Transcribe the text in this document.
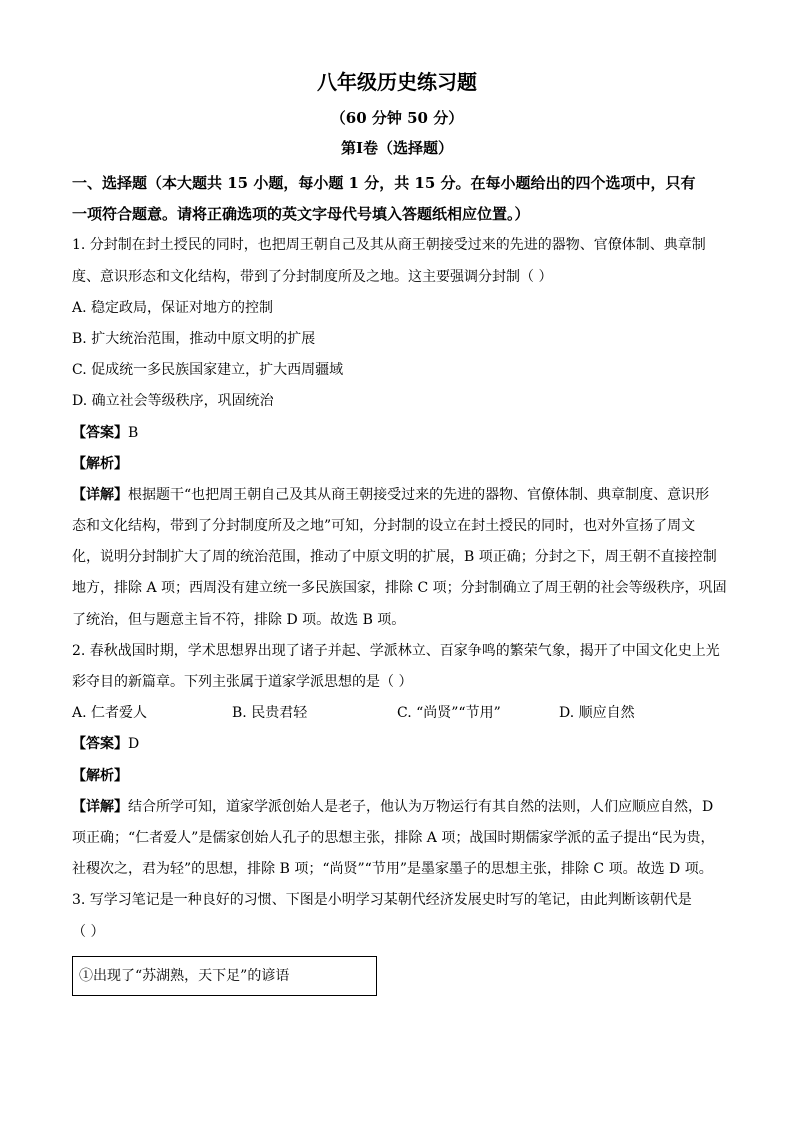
八年级历史练习题
（60 分钟 50 分）
第Ⅰ卷（选择题）
一、选择题（本大题共 15 小题，每小题 1 分，共 15 分。在每小题给出的四个选项中，只有
一项符合题意。请将正确选项的英文字母代号填入答题纸相应位置。）
1. 分封制在封土授民的同时，也把周王朝自己及其从商王朝接受过来的先进的器物、官僚体制、典章制
度、意识形态和文化结构，带到了分封制度所及之地。这主要强调分封制（ ）
A. 稳定政局，保证对地方的控制
B. 扩大统治范围，推动中原文明的扩展
C. 促成统一多民族国家建立，扩大西周疆域
D. 确立社会等级秩序，巩固统治
【答案】B
【解析】
【详解】根据题干“也把周王朝自己及其从商王朝接受过来的先进的器物、官僚体制、典章制度、意识形
态和文化结构，带到了分封制度所及之地”可知，分封制的设立在封土授民的同时，也对外宣扬了周文
化，说明分封制扩大了周的统治范围，推动了中原文明的扩展，B 项正确；分封之下，周王朝不直接控制
地方，排除 A 项；西周没有建立统一多民族国家，排除 C 项；分封制确立了周王朝的社会等级秩序，巩固
了统治，但与题意主旨不符，排除 D 项。故选 B 项。
2. 春秋战国时期，学术思想界出现了诸子并起、学派林立、百家争鸣的繁荣气象，揭开了中国文化史上光
彩夺目的新篇章。下列主张属于道家学派思想的是（ ）
A. 仁者爱人	B. 民贵君轻	C. “尚贤”“节用”	D. 顺应自然
【答案】D
【解析】
【详解】结合所学可知，道家学派创始人是老子，他认为万物运行有其自然的法则，人们应顺应自然，D
项正确；“仁者爱人”是儒家创始人孔子的思想主张，排除 A 项；战国时期儒家学派的孟子提出“民为贵，
社稷次之，君为轻”的思想，排除 B 项；“尚贤”“节用”是墨家墨子的思想主张，排除 C 项。故选 D 项。
3. 写学习笔记是一种良好的习惯、下图是小明学习某朝代经济发展史时写的笔记，由此判断该朝代是
（ ）
①出现了“苏湖熟，天下足”的谚语
